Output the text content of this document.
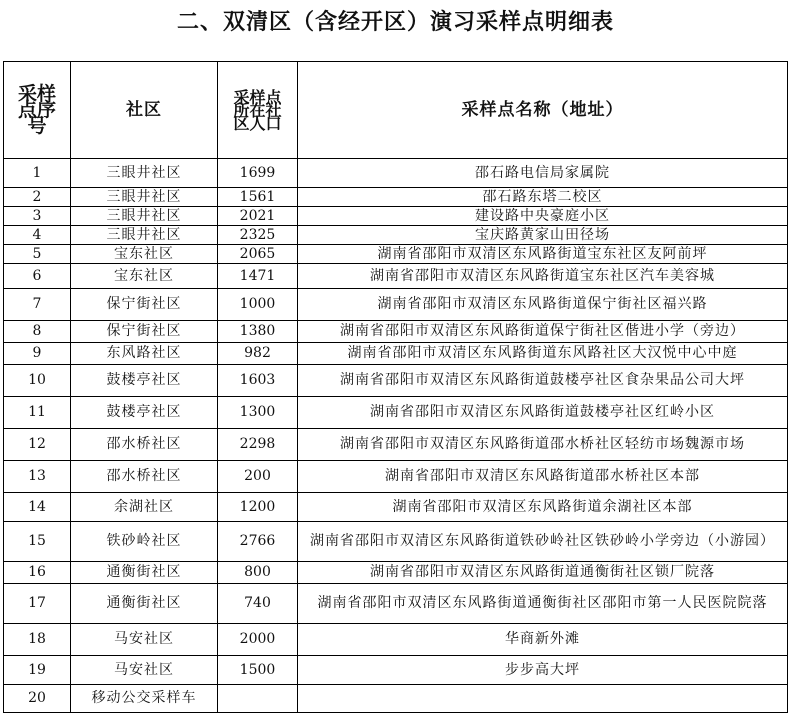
二、双清区（含经开区）演习采样点明细表
采样点序号	社区	采样点所在社区人口	采样点名称（地址）
1	三眼井社区	1699	邵石路电信局家属院
2	三眼井社区	1561	邵石路东塔二校区
3	三眼井社区	2021	建设路中央豪庭小区
4	三眼井社区	2325	宝庆路黄家山田径场
5	宝东社区	2065	湖南省邵阳市双清区东风路街道宝东社区友阿前坪
6	宝东社区	1471	湖南省邵阳市双清区东风路街道宝东社区汽车美容城
7	保宁街社区	1000	湖南省邵阳市双清区东风路街道保宁街社区福兴路
8	保宁街社区	1380	湖南省邵阳市双清区东风路街道保宁街社区偕进小学（旁边）
9	东风路社区	982	湖南省邵阳市双清区东风路街道东风路社区大汉悦中心中庭
10	鼓楼亭社区	1603	湖南省邵阳市双清区东风路街道鼓楼亭社区食杂果品公司大坪
11	鼓楼亭社区	1300	湖南省邵阳市双清区东风路街道鼓楼亭社区红岭小区
12	邵水桥社区	2298	湖南省邵阳市双清区东风路街道邵水桥社区轻纺市场魏源市场
13	邵水桥社区	200	湖南省邵阳市双清区东风路街道邵水桥社区本部
14	余湖社区	1200	湖南省邵阳市双清区东风路街道余湖社区本部
15	铁砂岭社区	2766	湖南省邵阳市双清区东风路街道铁砂岭社区铁砂岭小学旁边（小游园）
16	通衡街社区	800	湖南省邵阳市双清区东风路街道通衡街社区锁厂院落
17	通衡街社区	740	湖南省邵阳市双清区东风路街道通衡街社区邵阳市第一人民医院院落
18	马安社区	2000	华商新外滩
19	马安社区	1500	步步高大坪
20	移动公交采样车		
